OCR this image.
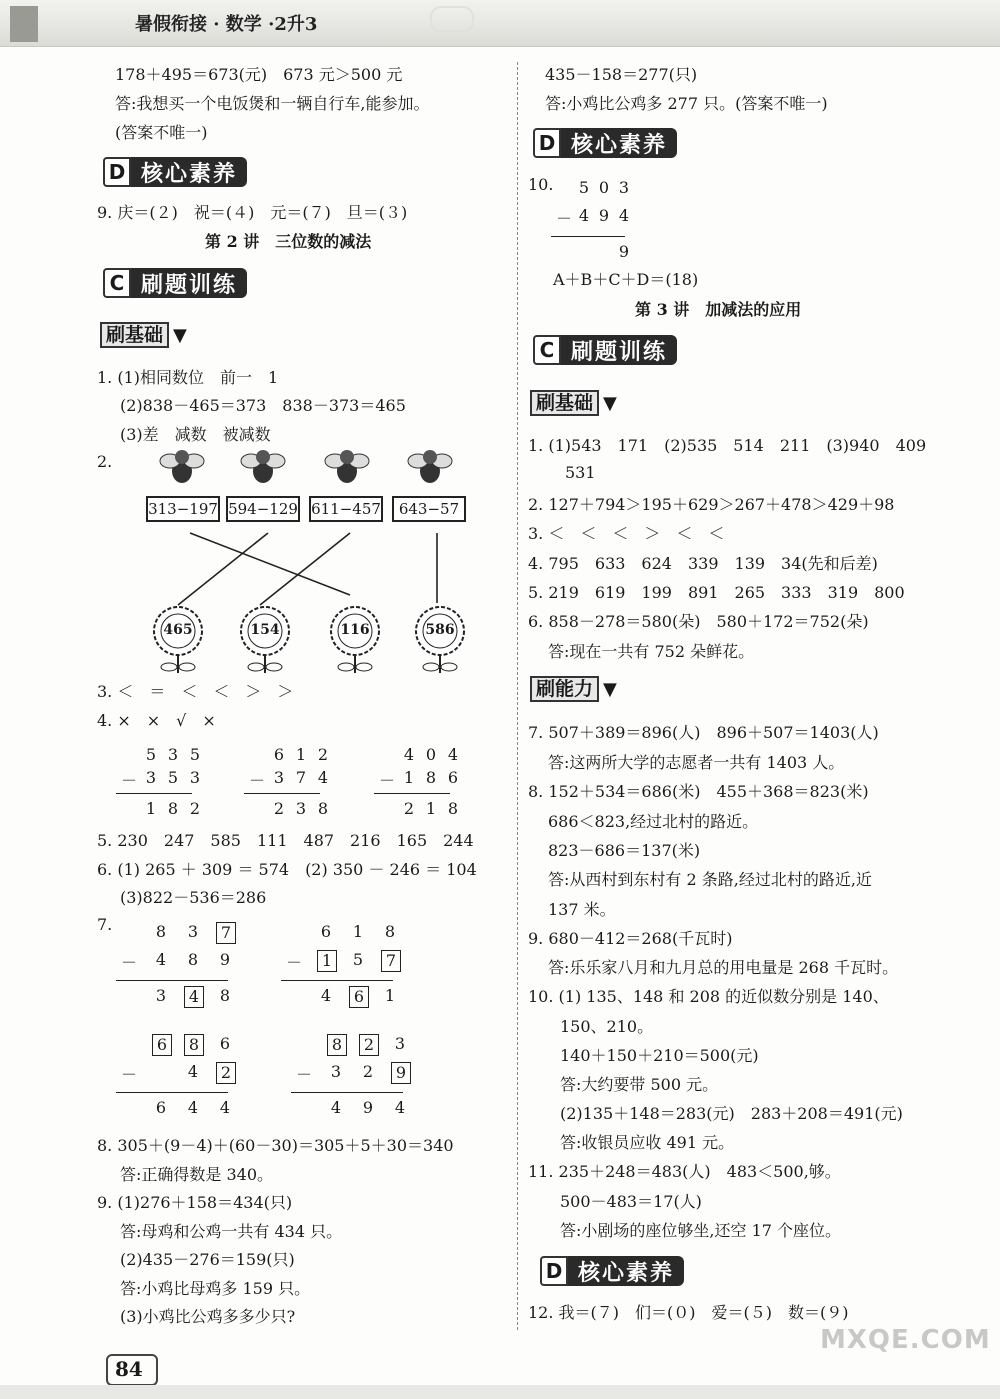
暑假衔接 · 数学 ·2升3
178＋495＝673(元)　673 元＞500 元
答:我想买一个电饭煲和一辆自行车,能参加。
(答案不唯一)
D 核心素养
9. 庆＝(２)　祝＝(４)　元＝(７)　旦＝(３)
第 2 讲　三位数的减法
C 刷题训练
刷基础 ▼
1. (1)相同数位　前一　1
(2)838－465＝373　838－373＝465
(3)差　减数　被减数
2.
313−197 594−129 611−457	643−57
465	154	116	586
3. ＜　＝　＜　＜　＞　＞
4. ×　×　√　×
5. 230　247　585　111　487　216　165　244
6. (1) 265 ＋ 309 ＝ 574　(2) 350 － 246 ＝ 104
(3)822－536＝286
7.
8. 305＋(9－4)＋(60－30)＝305＋5＋30＝340
答:正确得数是 340。
9. (1)276＋158＝434(只)
答:母鸡和公鸡一共有 434 只。
(2)435－276＝159(只)
答:小鸡比母鸡多 159 只。
(3)小鸡比公鸡多多少只?
435－158＝277(只)
答:小鸡比公鸡多 277 只。(答案不唯一)
D 核心素养
10.
A＋B＋C＋D＝(18)
第 3 讲　加减法的应用
C 刷题训练
刷基础 ▼
1. (1)543　171　(2)535　514　211　(3)940　409
531
2. 127＋794＞195＋629＞267＋478＞429＋98
3. ＜　＜　＜　＞　＜　＜
4. 795　633　624　339　139　34(先和后差)
5. 219　619　199　891　265　333　319　800
6. 858－278＝580(朵)　580＋172＝752(朵)
答:现在一共有 752 朵鲜花。
刷能力 ▼
7. 507＋389＝896(人)　896＋507＝1403(人)
答:这两所大学的志愿者一共有 1403 人。
8. 152＋534＝686(米)　455＋368＝823(米)
686＜823,经过北村的路近。
823－686＝137(米)
答:从西村到东村有 2 条路,经过北村的路近,近
137 米。
9. 680－412＝268(千瓦时)
答:乐乐家八月和九月总的用电量是 268 千瓦时。
10. (1) 135、148 和 208 的近似数分别是 140、
150、210。
140＋150＋210＝500(元)
答:大约要带 500 元。
(2)135＋148＝283(元)　283＋208＝491(元)
答:收银员应收 491 元。
11. 235＋248＝483(人)　483＜500,够。
500－483＝17(人)
答:小剧场的座位够坐,还空 17 个座位。
D 核心素养
12. 我＝(７)　们＝(０)　爱＝(５)　数＝(９)
84
MXQE.COM
5 3 5
－ 3 5 3
1 8 2
6 1 2
－ 3 7 4
2 3 8
4 0 4
－ 1 8 6
2 1 8
8 3	7
－ 4 8 9
3	4	8
6 1 8
－	1	5	7
4	6	1
6	8	6
－	4	2
6 4 4
8	2	3
－ 3 2	9
4 9 4
5 0 3
－ 4 9 4
9
